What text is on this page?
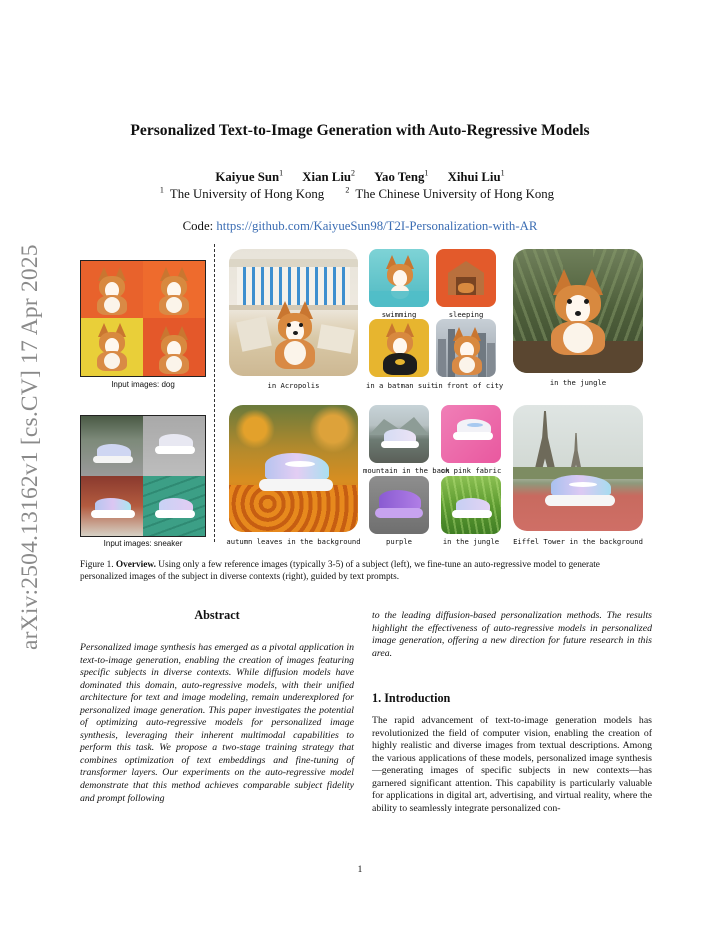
arXiv:2504.13162v1 [cs.CV] 17 Apr 2025
Personalized Text-to-Image Generation with Auto-Regressive Models
Kaiyue Sun$^1$ Xian Liu$^2$ Yao Teng$^1$ Xihui Liu$^1$
$^1$ The University of Hong Kong	$^2$ The Chinese University of Hong Kong
Code: https://github.com/KaiyueSun98/T2I-Personalization-with-AR
Input images: dog
Input images: sneaker
in Acropolis
swimming	sleeping
in a batman suit
in front of city	in the jungle
autumn leaves in the background
mountain in the back
on pink fabric
purple	in the jungle	Eiffel Tower in the background
Figure 1. Overview. Using only a few reference images (typically 3-5) of a subject (left), we fine-tune an auto-regressive model to generate personalized images of the subject in diverse contexts (right), guided by text prompts.
Abstract
Personalized image synthesis has emerged as a pivotal application in text-to-image generation, enabling the creation of images featuring specific subjects in diverse contexts. While diffusion models have dominated this domain, auto-regressive models, with their unified architecture for text and image modeling, remain underexplored for personalized image generation. This paper investigates the potential of optimizing auto-regressive models for personalized image synthesis, leveraging their inherent multimodal capabilities to perform this task. We propose a two-stage training strategy that combines optimization of text embeddings and fine-tuning of transformer layers. Our experiments on the auto-regressive model demonstrate that this method achieves comparable subject fidelity and prompt following
to the leading diffusion-based personalization methods. The results highlight the effectiveness of auto-regressive models in personalized image generation, offering a new direction for future research in this area.
1. Introduction
The rapid advancement of text-to-image generation models has revolutionized the field of computer vision, enabling the creation of highly realistic and diverse images from textual descriptions. Among the various applications of these models, personalized image synthesis—generating images of specific subjects in new contexts—has garnered significant attention. This capability is particularly valuable for applications in digital art, advertising, and virtual reality, where the ability to seamlessly integrate personalized con-
1
